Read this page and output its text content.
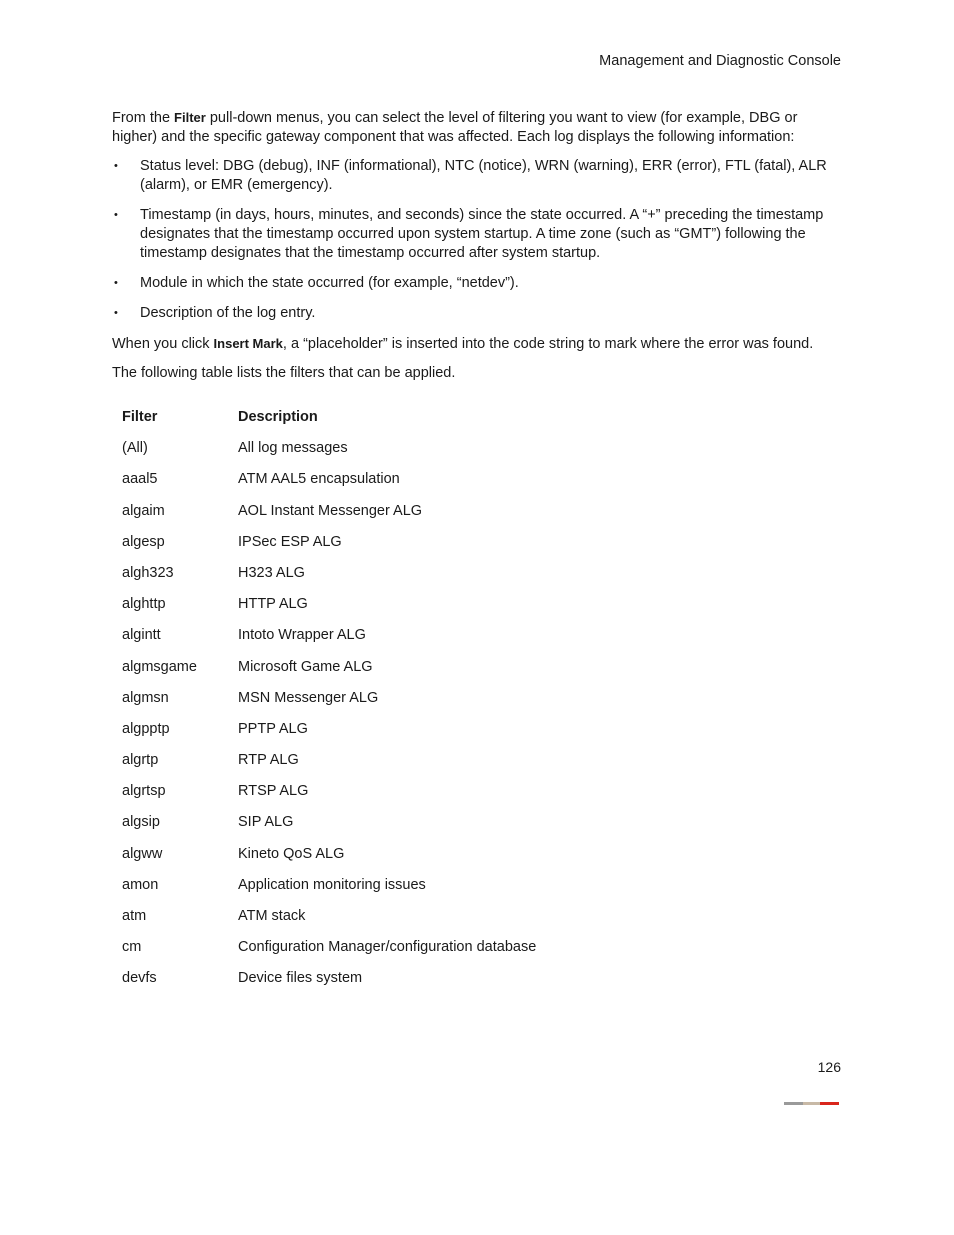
Management and Diagnostic Console

From the Filter pull-down menus, you can select the level of filtering you want to view (for example, DBG or higher) and the specific gateway component that was affected. Each log displays the following information:

• Status level: DBG (debug), INF (informational), NTC (notice), WRN (warning), ERR (error), FTL (fatal), ALR (alarm), or EMR (emergency).
• Timestamp (in days, hours, minutes, and seconds) since the state occurred. A “+” preceding the timestamp designates that the timestamp occurred upon system startup. A time zone (such as “GMT”) following the timestamp designates that the timestamp occurred after system startup.
• Module in which the state occurred (for example, “netdev”).
• Description of the log entry.

When you click Insert Mark, a “placeholder” is inserted into the code string to mark where the error was found.

The following table lists the filters that can be applied.

Filter	Description
(All)	All log messages
aaal5	ATM AAL5 encapsulation
algaim	AOL Instant Messenger ALG
algesp	IPSec ESP ALG
algh323	H323 ALG
alghttp	HTTP ALG
algintt	Intoto Wrapper ALG
algmsgame	Microsoft Game ALG
algmsn	MSN Messenger ALG
algpptp	PPTP ALG
algrtp	RTP ALG
algrtsp	RTSP ALG
algsip	SIP ALG
algww	Kineto QoS ALG
amon	Application monitoring issues
atm	ATM stack
cm	Configuration Manager/configuration database
devfs	Device files system
126
